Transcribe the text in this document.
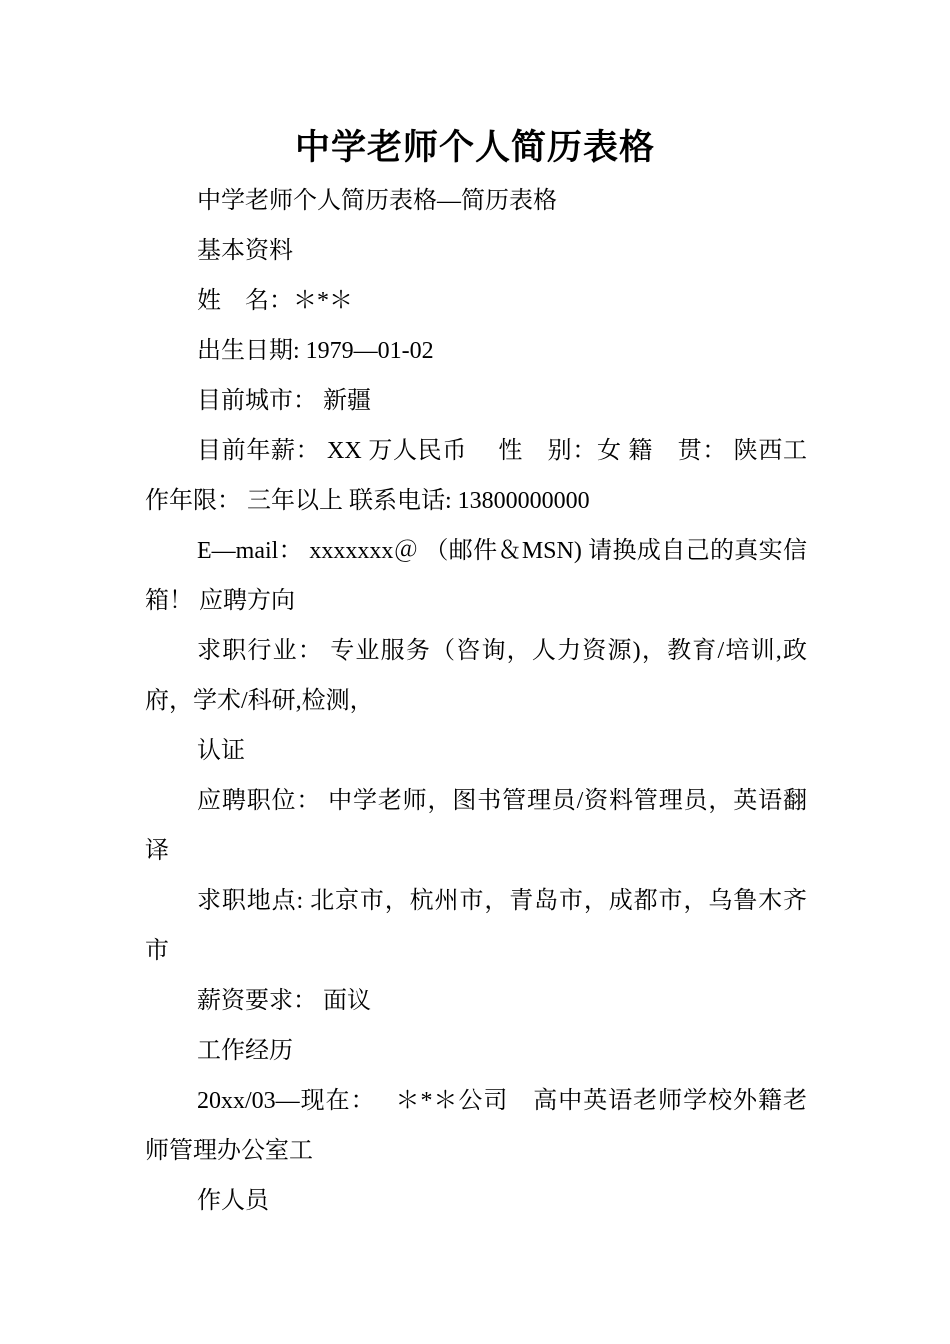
中学老师个人简历表格

中学老师个人简历表格—简历表格

基本资料

姓　名：＊*＊

出生日期: 1979—01-02

目前城市： 新疆

目前年薪： XX 万人民币　 性　别：女 籍　贯： 陕西工作年限： 三年以上 联系电话: 13800000000

E—mail： xxxxxxx＠ （邮件＆MSN) 请换成自己的真实信箱！ 应聘方向

求职行业： 专业服务（咨询，人力资源)，教育/培训,政府，学术/科研,检测，

认证

应聘职位： 中学老师，图书管理员/资料管理员，英语翻译

求职地点: 北京市，杭州市，青岛市，成都市，乌鲁木齐市

薪资要求： 面议

工作经历

20xx/03—现在：　 ＊*＊公司　高中英语老师学校外籍老师管理办公室工

作人员
